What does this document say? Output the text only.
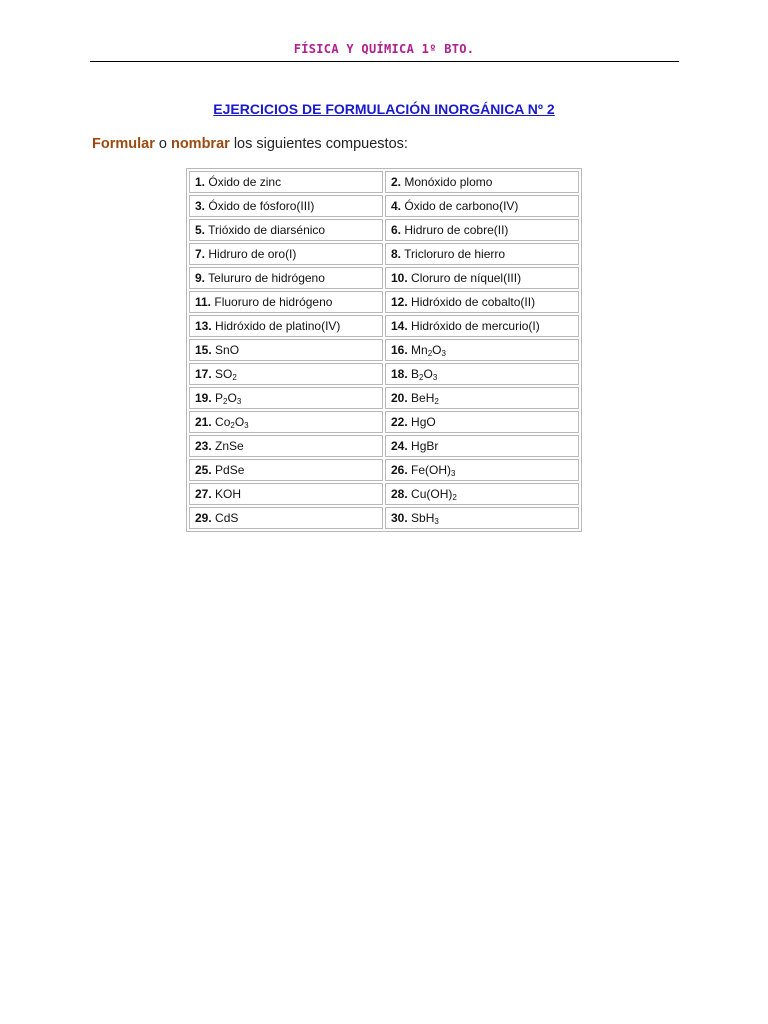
FÍSICA Y QUÍMICA 1º BTO.
EJERCICIOS DE FORMULACIÓN INORGÁNICA Nº 2
Formular o nombrar los siguientes compuestos:
1. Óxido de zinc	2. Monóxido plomo
3. Óxido de fósforo(III)	4. Óxido de carbono(IV)
5. Trióxido de diarsénico	6. Hidruro de cobre(II)
7. Hidruro de oro(I)	8. Tricloruro de hierro
9. Telururo de hidrógeno	10. Cloruro de níquel(III)
11. Fluoruro de hidrógeno	12. Hidróxido de cobalto(II)
13. Hidróxido de platino(IV)	14. Hidróxido de mercurio(I)
15. SnO	16. $Mn_2O_3$
17. $SO_2$	18. $B_2O_3$
19. $P_2O_3$	20. BeH$_2$
21. $Co_2O_3$	22. HgO
23. ZnSe	24. HgBr
25. PdSe	26. $Fe(OH)_3$
27. KOH	28. $Cu(OH)_2$
29. CdS	30. SbH$_3$
